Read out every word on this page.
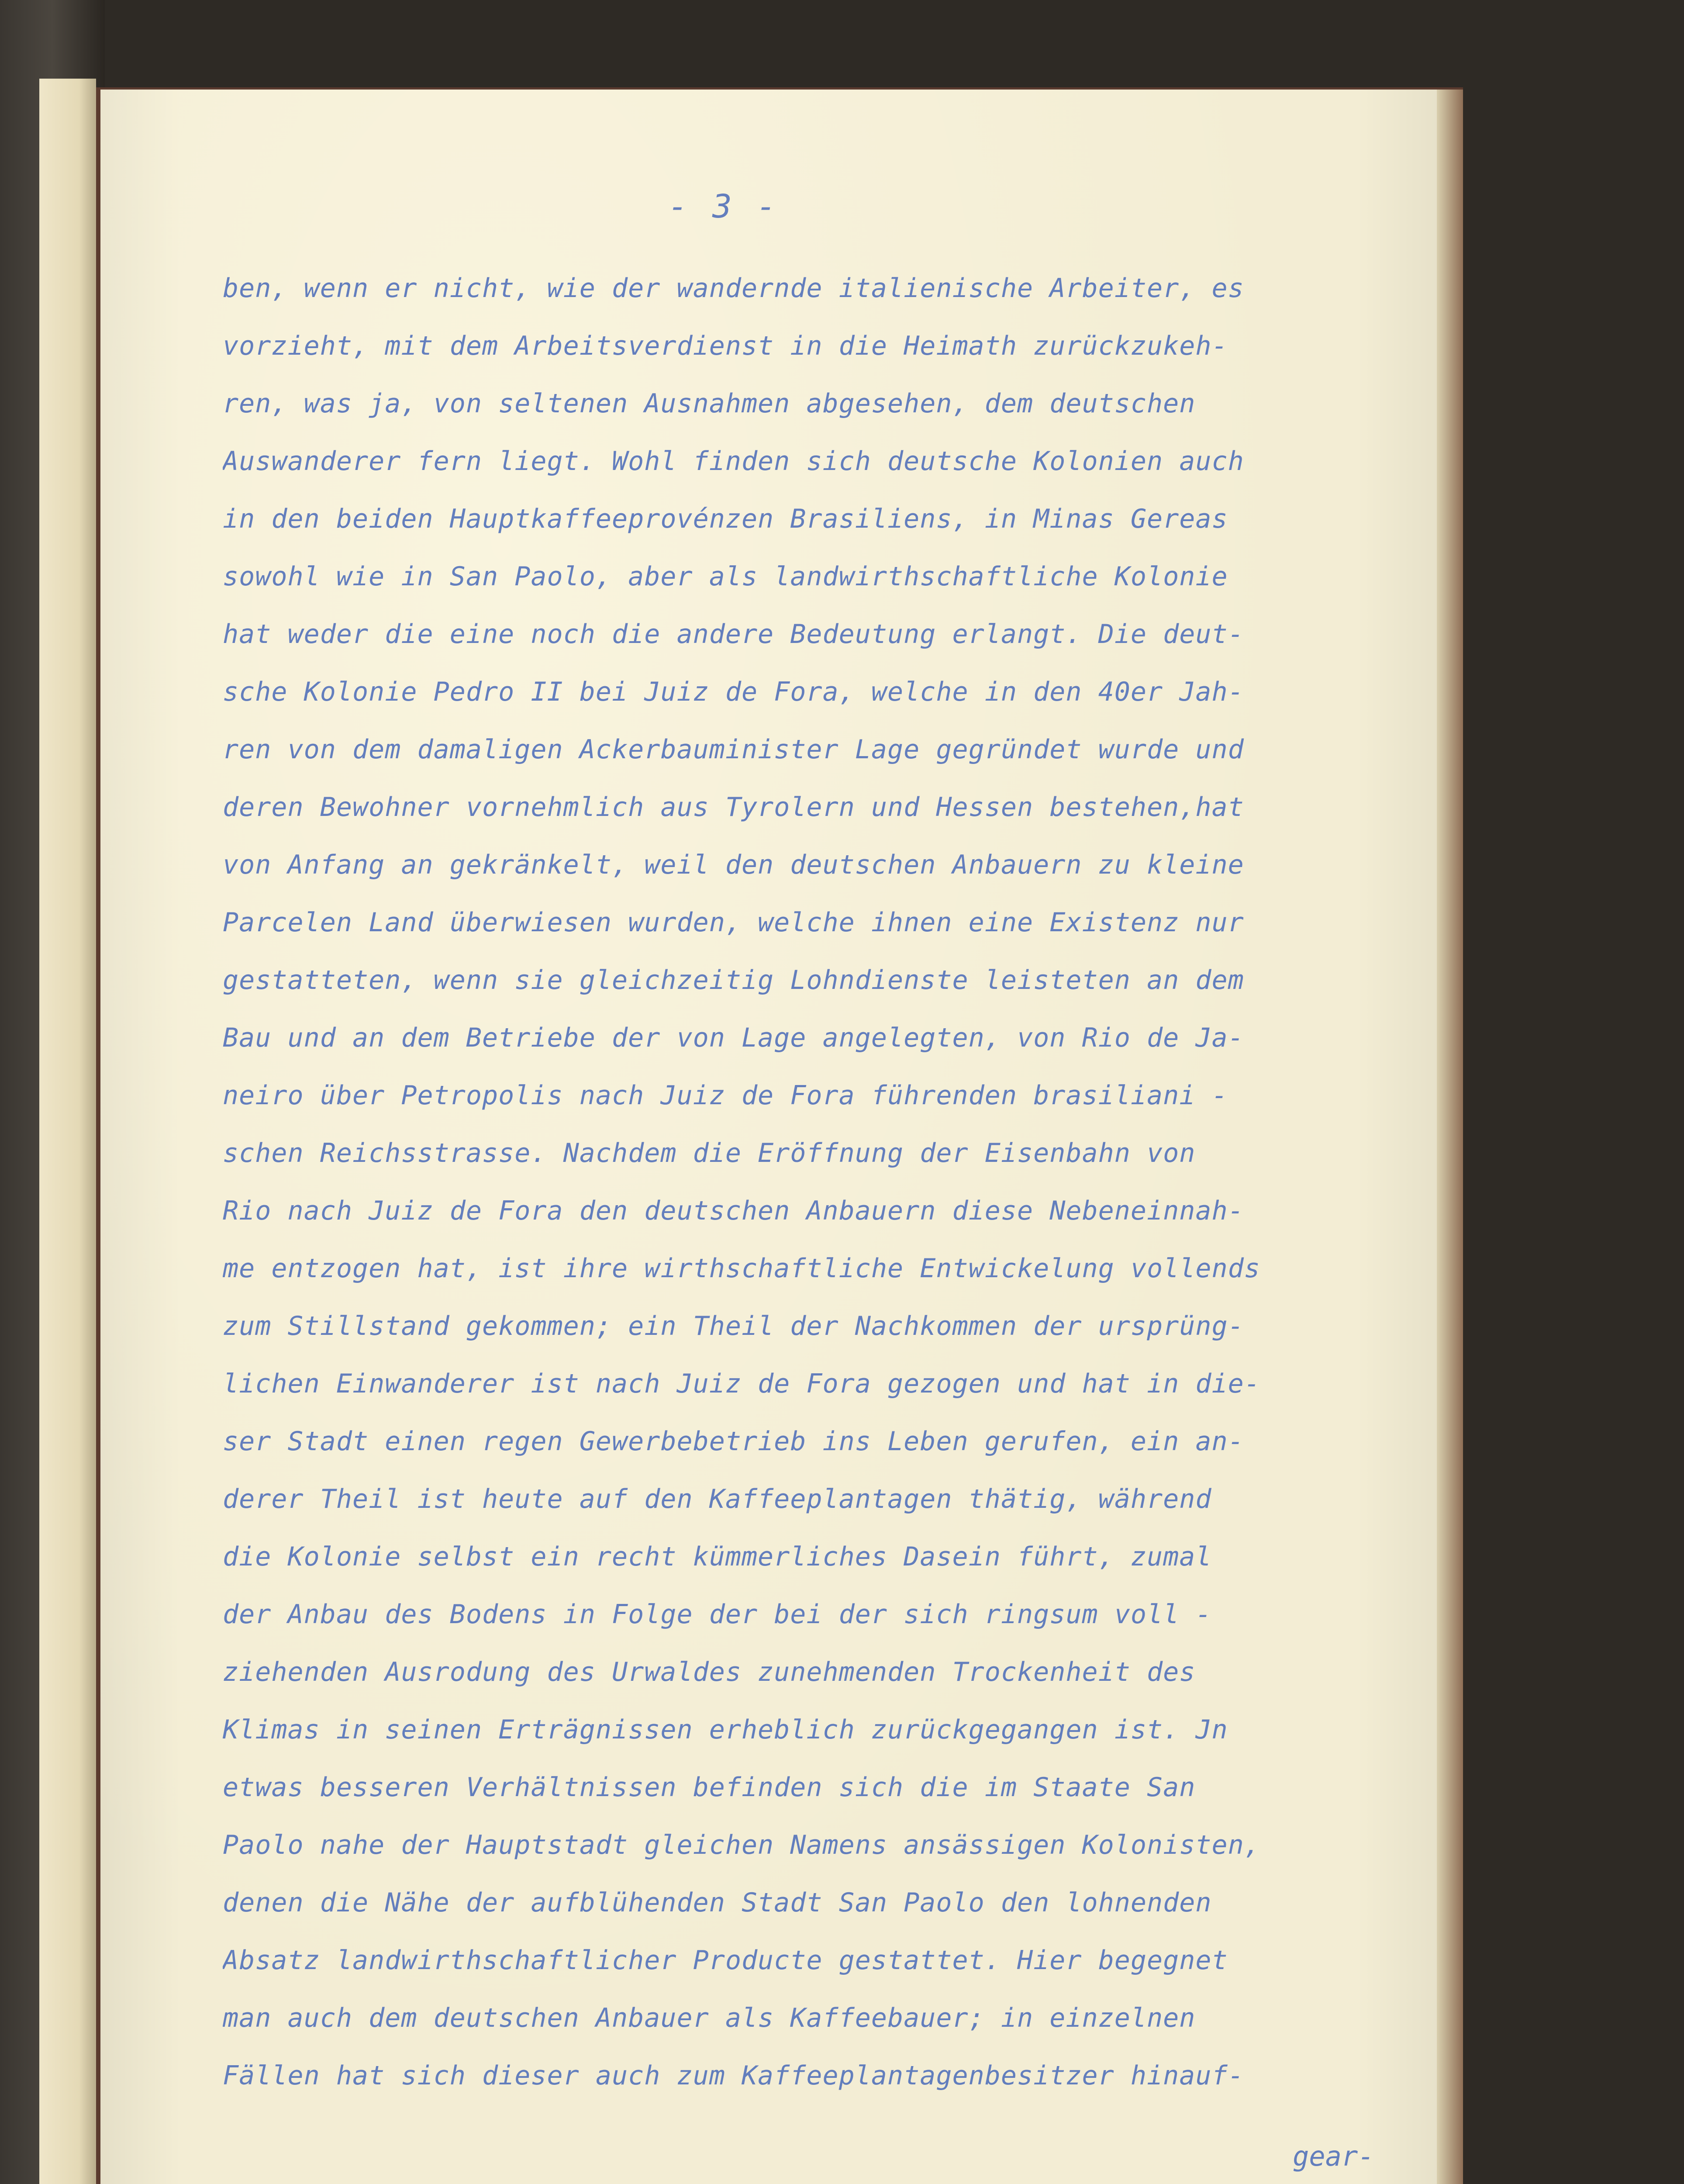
- 3 -
ben, wenn er nicht, wie der wandernde italienische Arbeiter, es
vorzieht, mit dem Arbeitsverdienst in die Heimath zurückzukeh-
ren, was ja, von seltenen Ausnahmen abgesehen, dem deutschen
Auswanderer fern liegt. Wohl finden sich deutsche Kolonien auch
in den beiden Hauptkaffeeprovénzen Brasiliens, in Minas Gereas
sowohl wie in San Paolo, aber als landwirthschaftliche Kolonie
hat weder die eine noch die andere Bedeutung erlangt. Die deut-
sche Kolonie Pedro II bei Juiz de Fora, welche in den 40er Jah-
ren von dem damaligen Ackerbauminister Lage gegründet wurde und
deren Bewohner vornehmlich aus Tyrolern und Hessen bestehen,hat
von Anfang an gekränkelt, weil den deutschen Anbauern zu kleine
Parcelen Land überwiesen wurden, welche ihnen eine Existenz nur
gestatteten, wenn sie gleichzeitig Lohndienste leisteten an dem
Bau und an dem Betriebe der von Lage angelegten, von Rio de Ja-
neiro über Petropolis nach Juiz de Fora führenden brasiliani -
schen Reichsstrasse. Nachdem die Eröffnung der Eisenbahn von
Rio nach Juiz de Fora den deutschen Anbauern diese Nebeneinnah-
me entzogen hat, ist ihre wirthschaftliche Entwickelung vollends
zum Stillstand gekommen; ein Theil der Nachkommen der ursprüng-
lichen Einwanderer ist nach Juiz de Fora gezogen und hat in die-
ser Stadt einen regen Gewerbebetrieb ins Leben gerufen, ein an-
derer Theil ist heute auf den Kaffeeplantagen thätig, während
die Kolonie selbst ein recht kümmerliches Dasein führt, zumal
der Anbau des Bodens in Folge der bei der sich ringsum voll -
ziehenden Ausrodung des Urwaldes zunehmenden Trockenheit des
Klimas in seinen Erträgnissen erheblich zurückgegangen ist. Jn
etwas besseren Verhältnissen befinden sich die im Staate San
Paolo nahe der Hauptstadt gleichen Namens ansässigen Kolonisten,
denen die Nähe der aufblühenden Stadt San Paolo den lohnenden
Absatz landwirthschaftlicher Producte gestattet. Hier begegnet
man auch dem deutschen Anbauer als Kaffeebauer; in einzelnen
Fällen hat sich dieser auch zum Kaffeeplantagenbesitzer hinauf-
gear-
